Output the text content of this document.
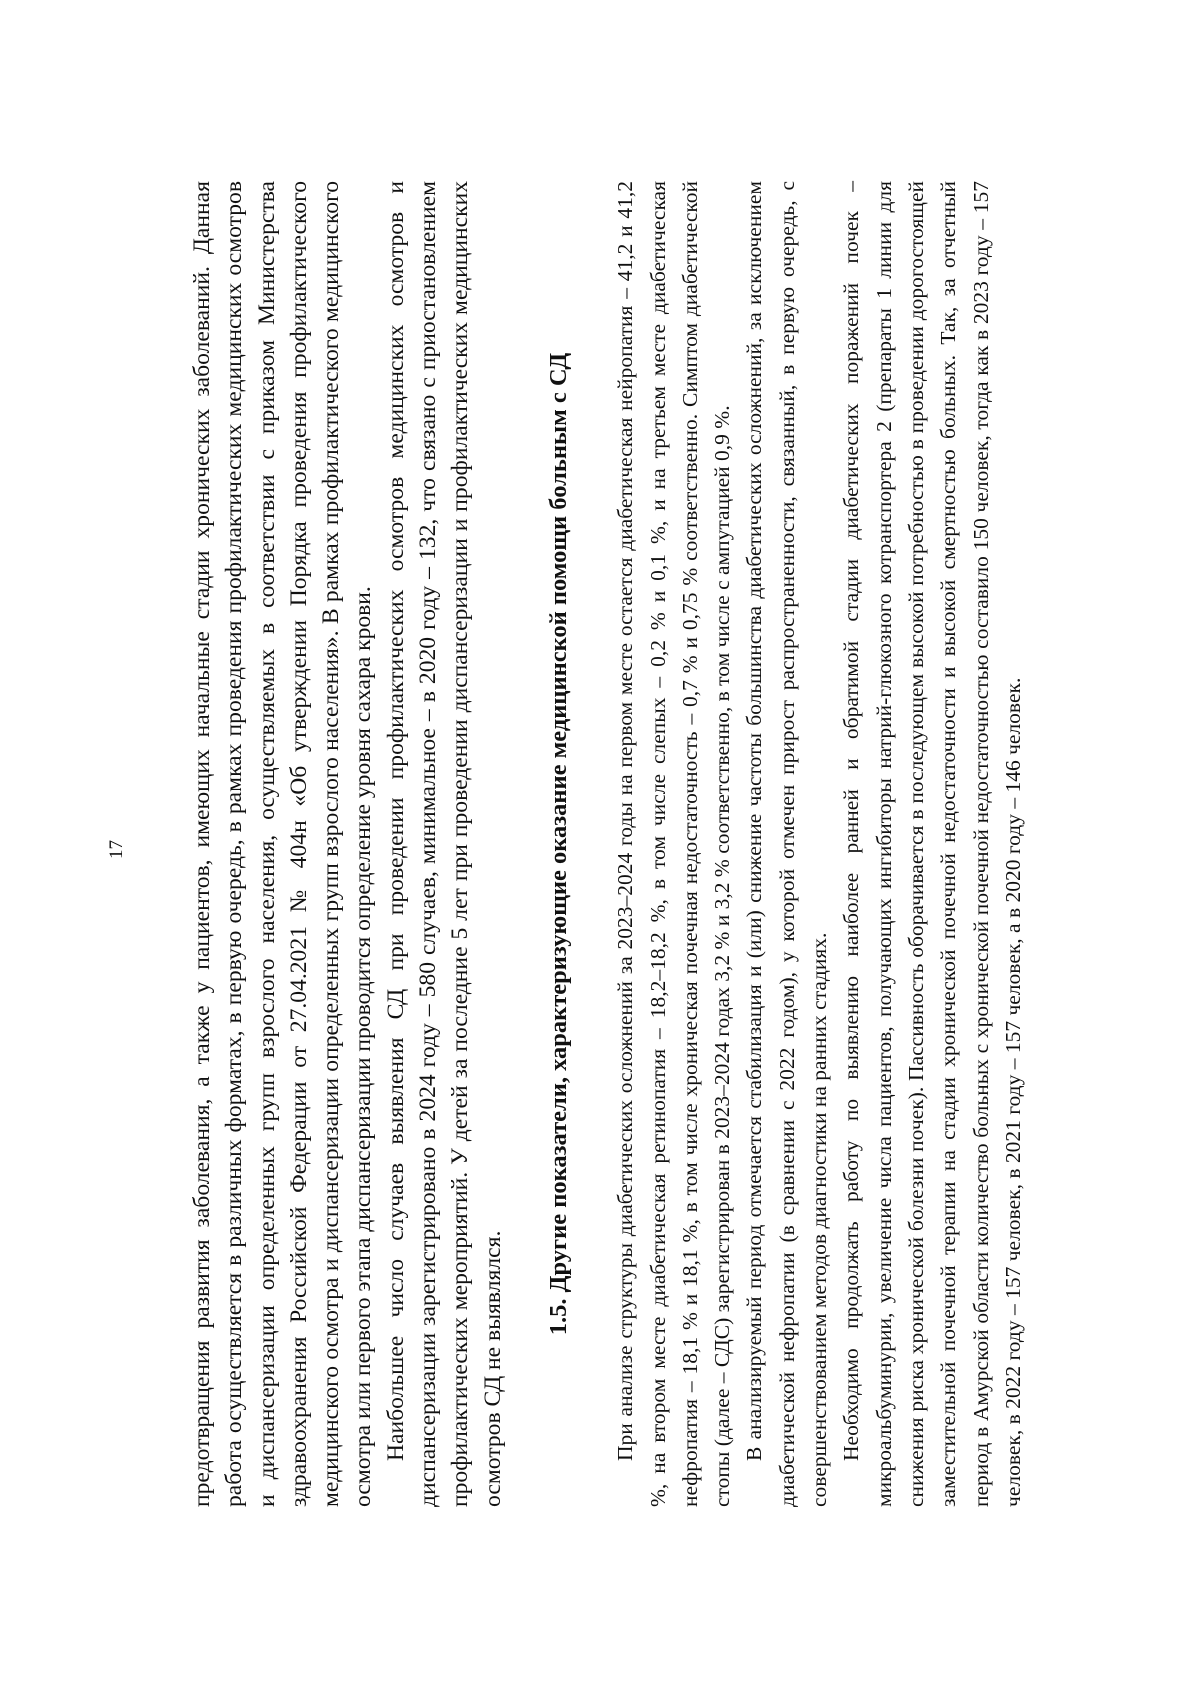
17	предотвращения развития заболевания, а также у пациентов, имеющих начальные стадии хронических заболеваний. Данная работа осуществляется в различных форматах, в первую очередь, в рамках проведения профилактических медицинских осмотров и диспансеризации определенных групп взрослого населения, осуществляемых в соответствии с приказом Министерства здравоохранения Российской Федерации от 27.04.2021 № 404н «Об утверждении Порядка проведения профилактического медицинского осмотра и диспансеризации определенных групп взрослого населения». В рамках профилактического медицинского осмотра или первого этапа диспансеризации проводится определение уровня сахара крови. Наибольшее число случаев выявления СД при проведении профилактических осмотров медицинских осмотров и диспансеризации зарегистрировано в 2024 году – 580 случаев, минимальное – в 2020 году – 132, что связано с приостановлением профилактических мероприятий. У детей за последние 5 лет при проведении диспансеризации и профилактических медицинских осмотров СД не выявлялся.

1.5. Другие показатели, характеризующие оказание медицинской помощи больным с СД При анализе структуры диабетических осложнений за 2023–2024 годы на первом месте остается диабетическая нейропатия – 41,2 и 41,2 %, на втором месте диабетическая ретинопатия – 18,2–18,2 %, в том числе слепых – 0,2 % и 0,1 %, и на третьем месте диабетическая нефропатия – 18,1 % и 18,1 %, в том числе хроническая почечная недостаточность – 0,7 % и 0,75 % соответственно. Симптом диабетической стопы (далее – СДС) зарегистрирован в 2023–2024 годах 3,2 % и 3,2 % соответственно, в том числе с ампутацией 0,9 %. В анализируемый период отмечается стабилизация и (или) снижение частоты большинства диабетических осложнений, за исключением диабетической нефропатии (в сравнении с 2022 годом), у которой отмечен прирост распространенности, связанный, в первую очередь, с совершенствованием методов диагностики на ранних стадиях. Необходимо продолжать работу по выявлению наиболее ранней и обратимой стадии диабетических поражений почек – микроальбуминурии, увеличение числа пациентов, получающих ингибиторы натрий-глюкозного котранспортера 2 (препараты 1 линии для снижения риска хронической болезни почек). Пассивность оборачивается в последующем высокой потребностью в проведении дорогостоящей заместительной почечной терапии на стадии хронической почечной недостаточности и высокой смертностью больных. Так, за отчетный период в Амурской области количество больных с хронической почечной недостаточностью составило 150 человек, тогда как в 2023 году – 157 человек, в 2022 году – 157 человек, в 2021 году – 157 человек, а в 2020 году – 146 человек.
